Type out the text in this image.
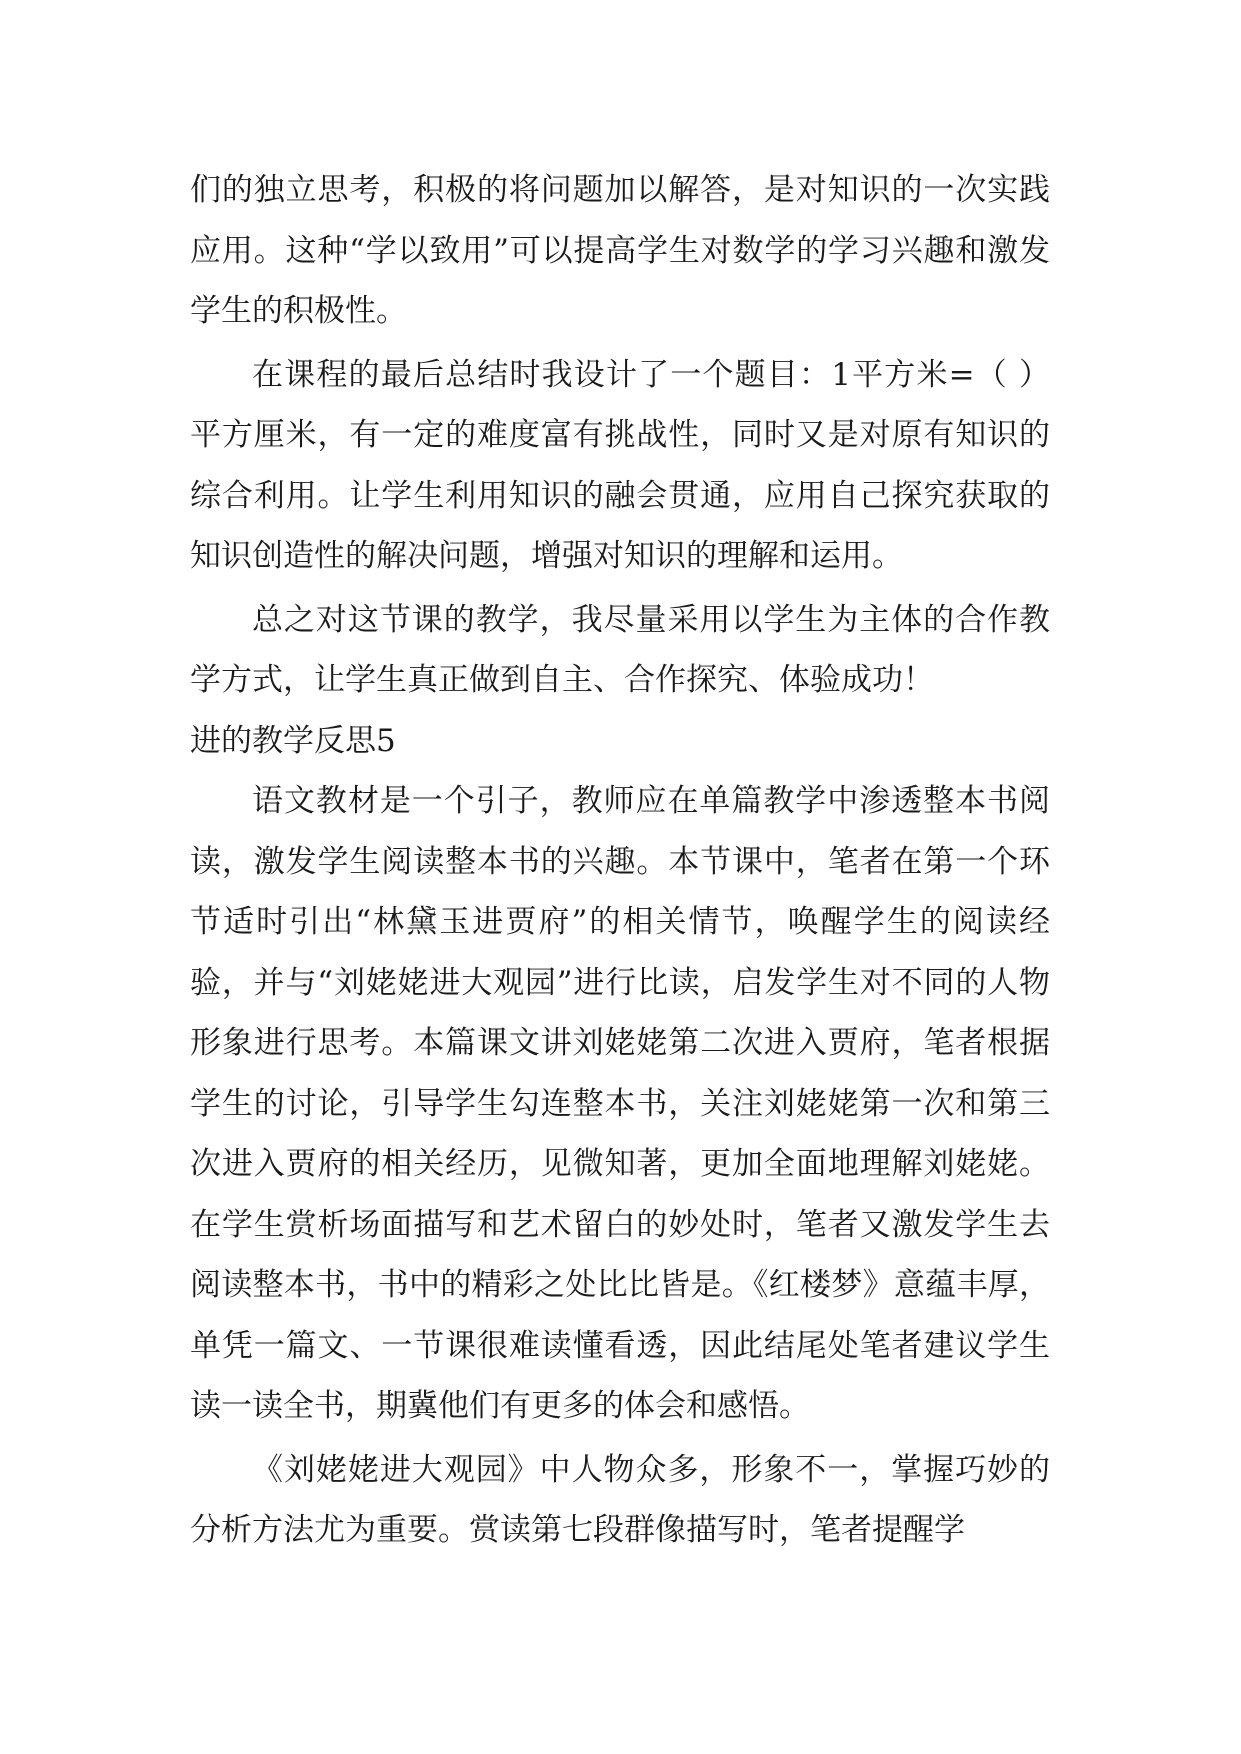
们的独立思考，积极的将问题加以解答，是对知识的一次实践应用。这种“学以致用”可以提高学生对数学的学习兴趣和激发学生的积极性。

在课程的最后总结时我设计了一个题目：1平方米=（ ）平方厘米，有一定的难度富有挑战性，同时又是对原有知识的综合利用。让学生利用知识的融会贯通，应用自己探究获取的知识创造性的解决问题，增强对知识的理解和运用。

总之对这节课的教学，我尽量采用以学生为主体的合作教学方式，让学生真正做到自主、合作探究、体验成功！

进的教学反思5

语文教材是一个引子，教师应在单篇教学中渗透整本书阅读，激发学生阅读整本书的兴趣。本节课中，笔者在第一个环节适时引出“林黛玉进贾府”的相关情节，唤醒学生的阅读经验，并与“刘姥姥进大观园”进行比读，启发学生对不同的人物形象进行思考。本篇课文讲刘姥姥第二次进入贾府，笔者根据学生的讨论，引导学生勾连整本书，关注刘姥姥第一次和第三次进入贾府的相关经历，见微知著，更加全面地理解刘姥姥。在学生赏析场面描写和艺术留白的妙处时，笔者又激发学生去阅读整本书，书中的精彩之处比比皆是。《红楼梦》意蕴丰厚，单凭一篇文、一节课很难读懂看透，因此结尾处笔者建议学生读一读全书，期冀他们有更多的体会和感悟。

《刘姥姥进大观园》中人物众多，形象不一，掌握巧妙的分析方法尤为重要。赏读第七段群像描写时，笔者提醒学
